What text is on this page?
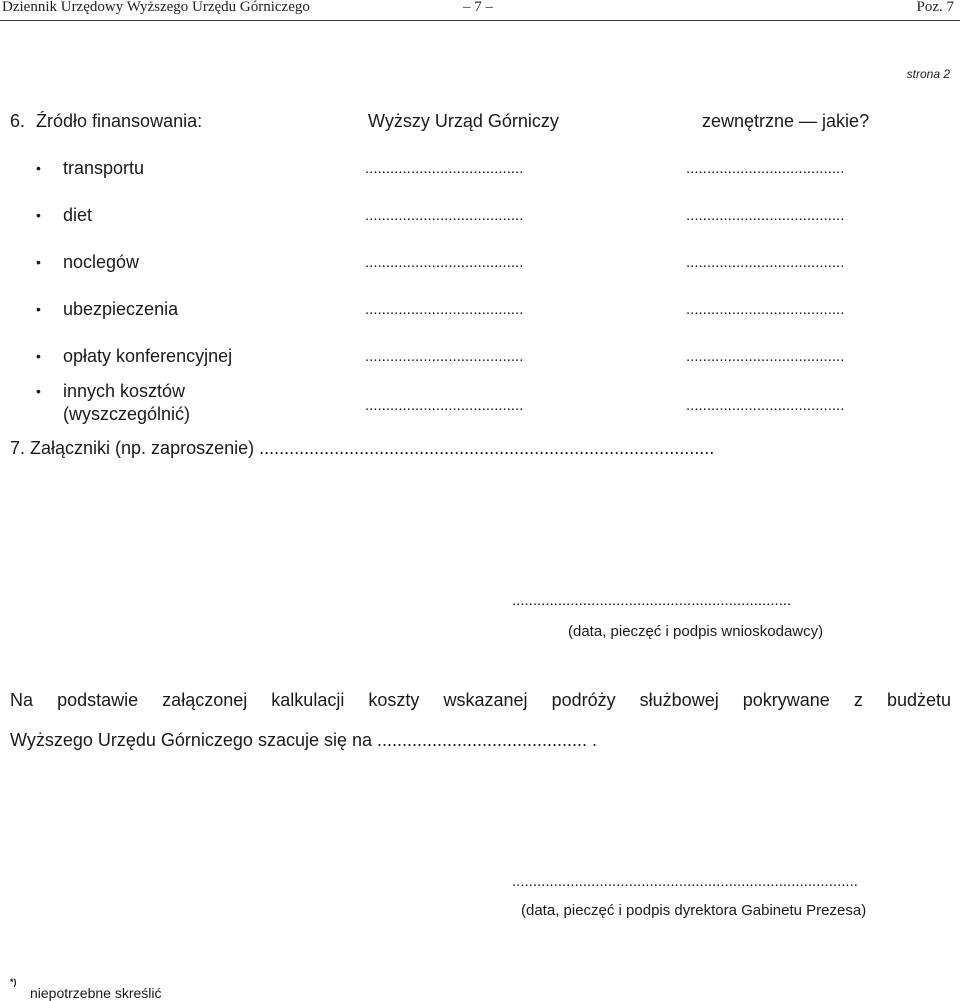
Dziennik Urzędowy Wyższego Urzędu Górniczego	– 7 –	Poz. 7
strona 2
6. Źródło finansowania:	Wyższy Urząd Górniczy	zewnętrzne — jakie?
• transportu	......................................	......................................
• diet	......................................	......................................
• noclegów	......................................	......................................
• ubezpieczenia	......................................	......................................
• opłaty konferencyjnej	......................................	......................................
• innych kosztów
(wyszczególnić)	......................................	......................................
7. Załączniki (np. zaproszenie) ...........................................................................................
...................................................................
(data, pieczęć i podpis wnioskodawcy)
Na podstawie załączonej kalkulacji koszty wskazanej podróży służbowej pokrywane z budżetu
Wyższego Urzędu Górniczego szacuje się na .......................................... .
...................................................................................
(data, pieczęć i podpis dyrektora Gabinetu Prezesa)
*)
niepotrzebne skreślić
